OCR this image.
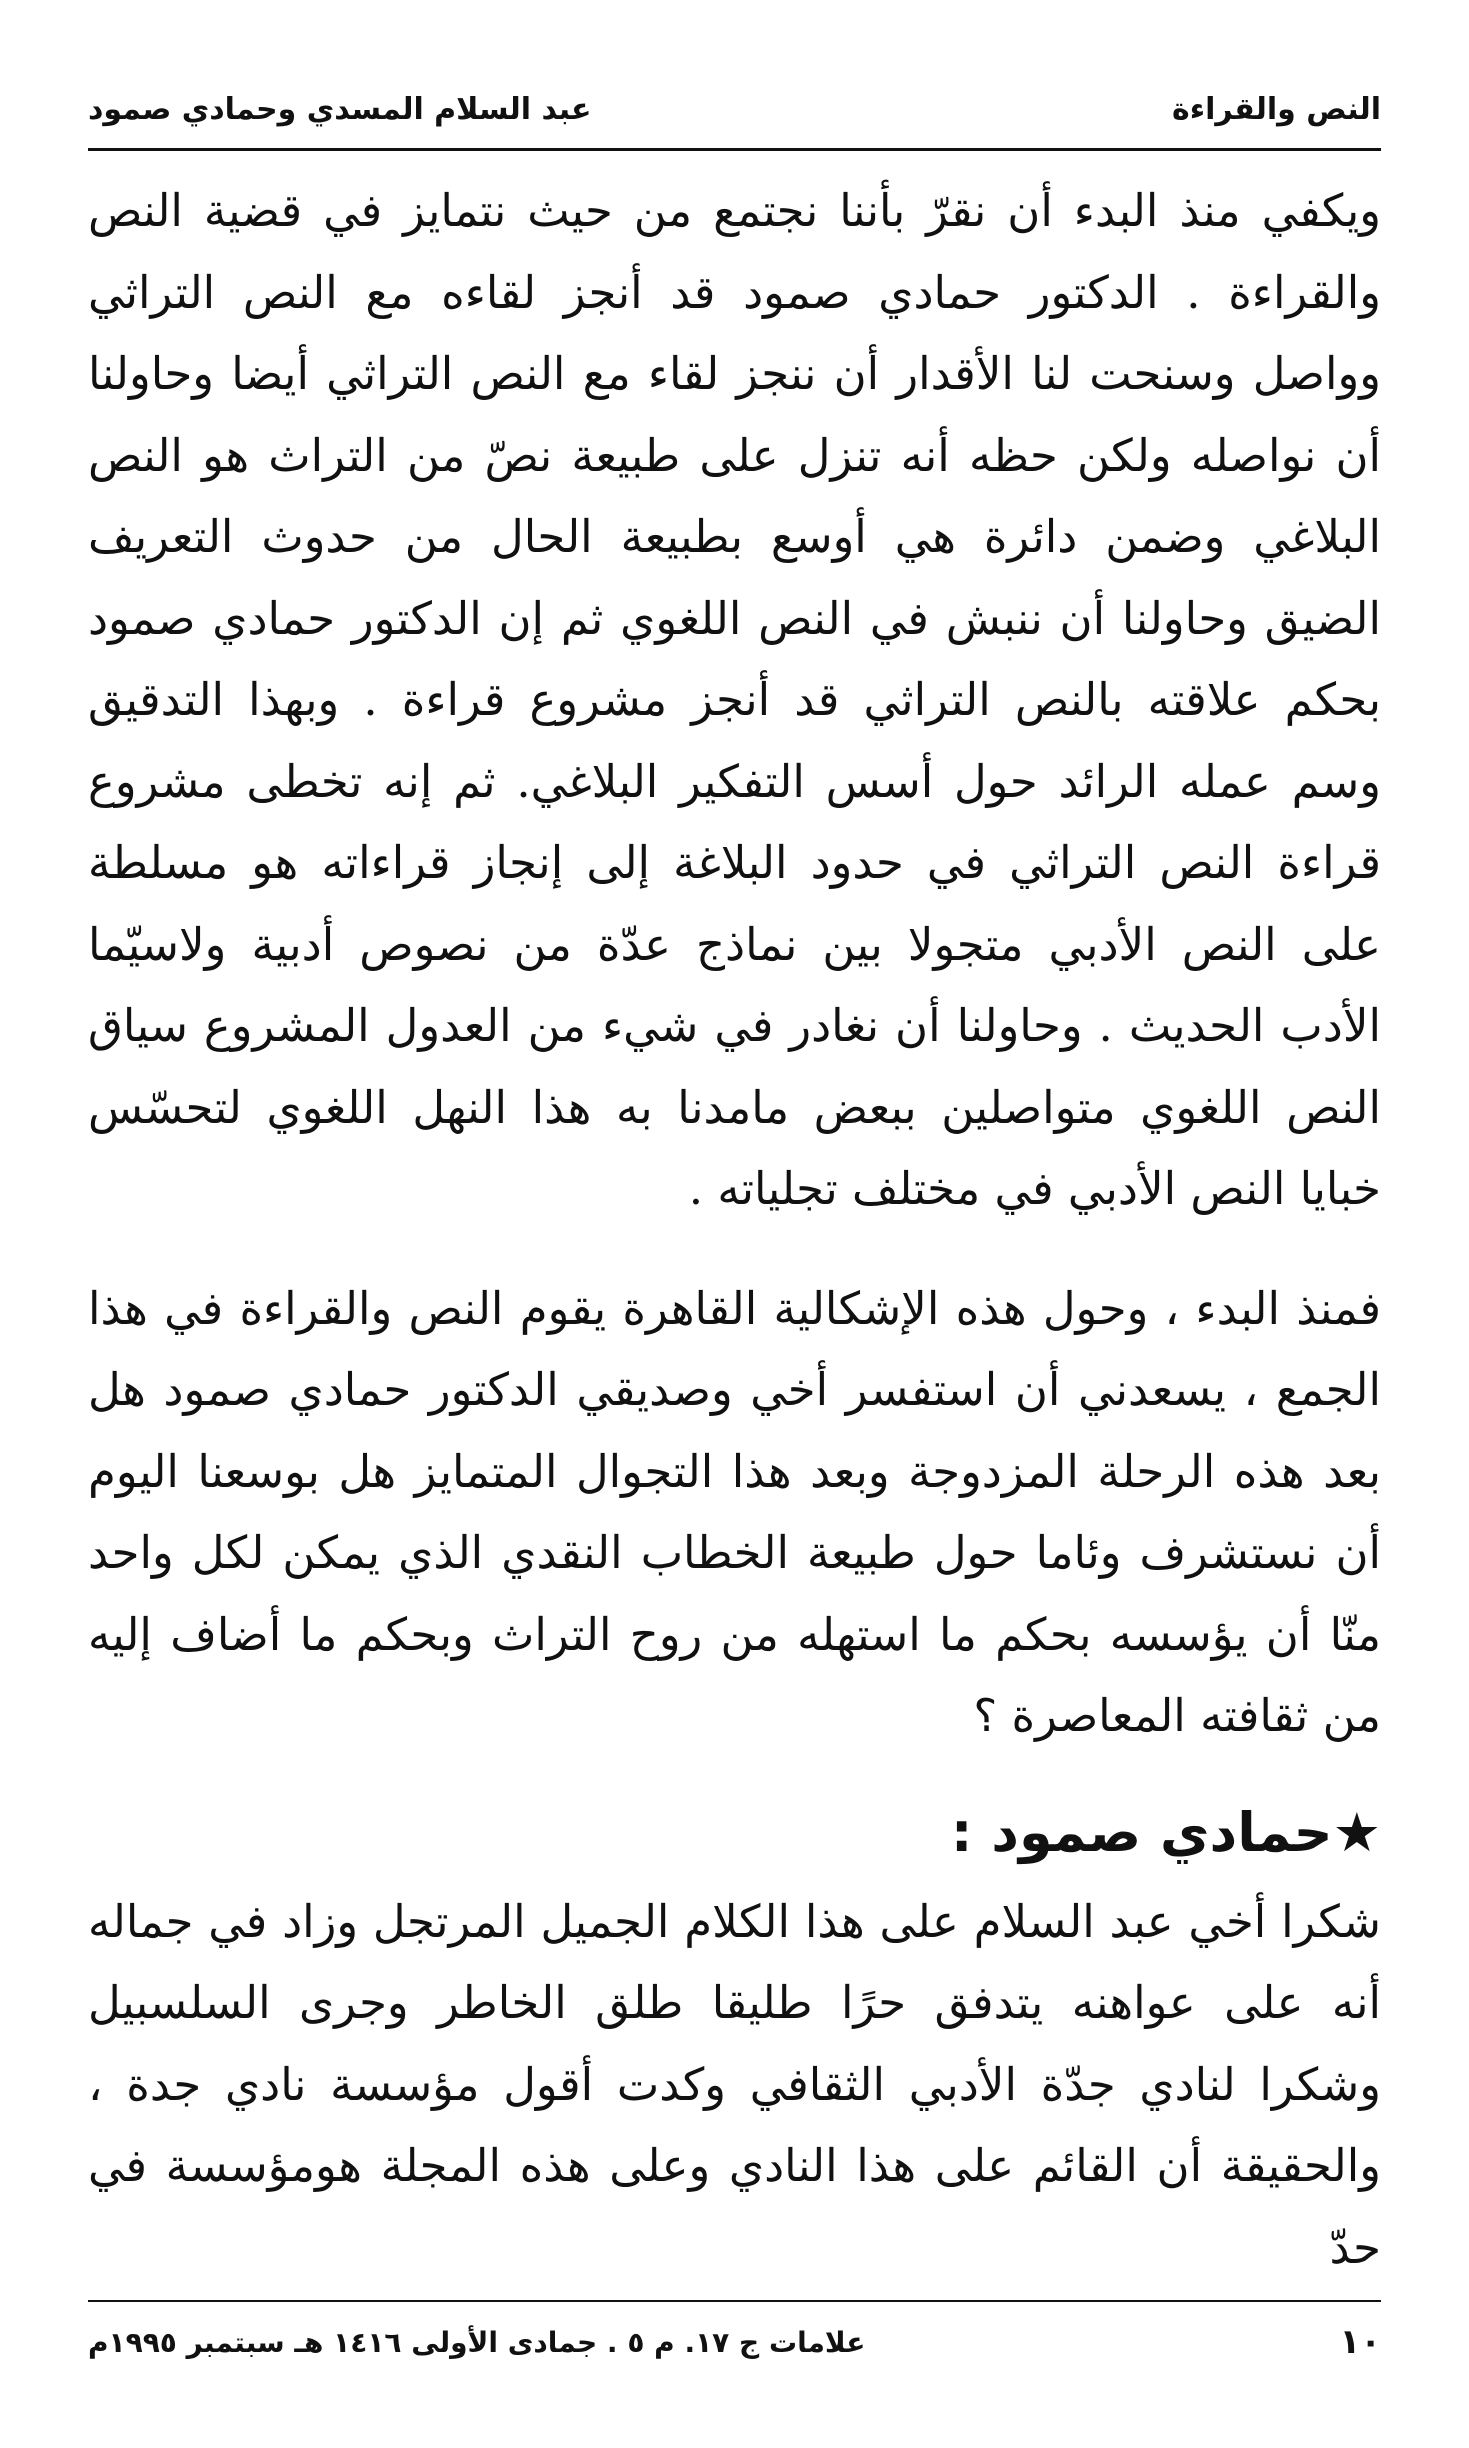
النص والقراءة
عبد السلام المسدي وحمادي صمود

ويكفي منذ البدء أن نقرّ بأننا نجتمع من حيث نتمايز في قضية النص والقراءة . الدكتور حمادي صمود قد أنجز لقاءه مع النص التراثي وواصل وسنحت لنا الأقدار أن ننجز لقاء مع النص التراثي أيضا وحاولنا أن نواصله ولكن حظه أنه تنزل على طبيعة نصّ من التراث هو النص البلاغي وضمن دائرة هي أوسع بطبيعة الحال من حدوث التعريف الضيق وحاولنا أن ننبش في النص اللغوي ثم إن الدكتور حمادي صمود بحكم علاقته بالنص التراثي قد أنجز مشروع قراءة . وبهذا التدقيق وسم عمله الرائد حول أسس التفكير البلاغي. ثم إنه تخطى مشروع قراءة النص التراثي في حدود البلاغة إلى إنجاز قراءاته هو مسلطة على النص الأدبي متجولا بين نماذج عدّة من نصوص أدبية ولاسيّما الأدب الحديث . وحاولنا أن نغادر في شيء من العدول المشروع سياق النص اللغوي متواصلين ببعض مامدنا به هذا النهل اللغوي لتحسّس خبايا النص الأدبي في مختلف تجلياته .

فمنذ البدء ، وحول هذه الإشكالية القاهرة يقوم النص والقراءة في هذا الجمع ، يسعدني أن استفسر أخي وصديقي الدكتور حمادي صمود هل بعد هذه الرحلة المزدوجة وبعد هذا التجوال المتمايز هل بوسعنا اليوم أن نستشرف وئاما حول طبيعة الخطاب النقدي الذي يمكن لكل واحد منّا أن يؤسسه بحكم ما استهله من روح التراث وبحكم ما أضاف إليه من ثقافته المعاصرة ؟

★حمادي صمود :

شكرا أخي عبد السلام على هذا الكلام الجميل المرتجل وزاد في جماله أنه على عواهنه يتدفق حرًا طليقا طلق الخاطر وجرى السلسبيل وشكرا لنادي جدّة الأدبي الثقافي وكدت أقول مؤسسة نادي جدة ، والحقيقة أن القائم على هذا النادي وعلى هذه المجلة هومؤسسة في حدّ

١٠
علامات ج ١٧. م ٥ . جمادى الأولى ١٤١٦ هـ سبتمبر ١٩٩٥م
